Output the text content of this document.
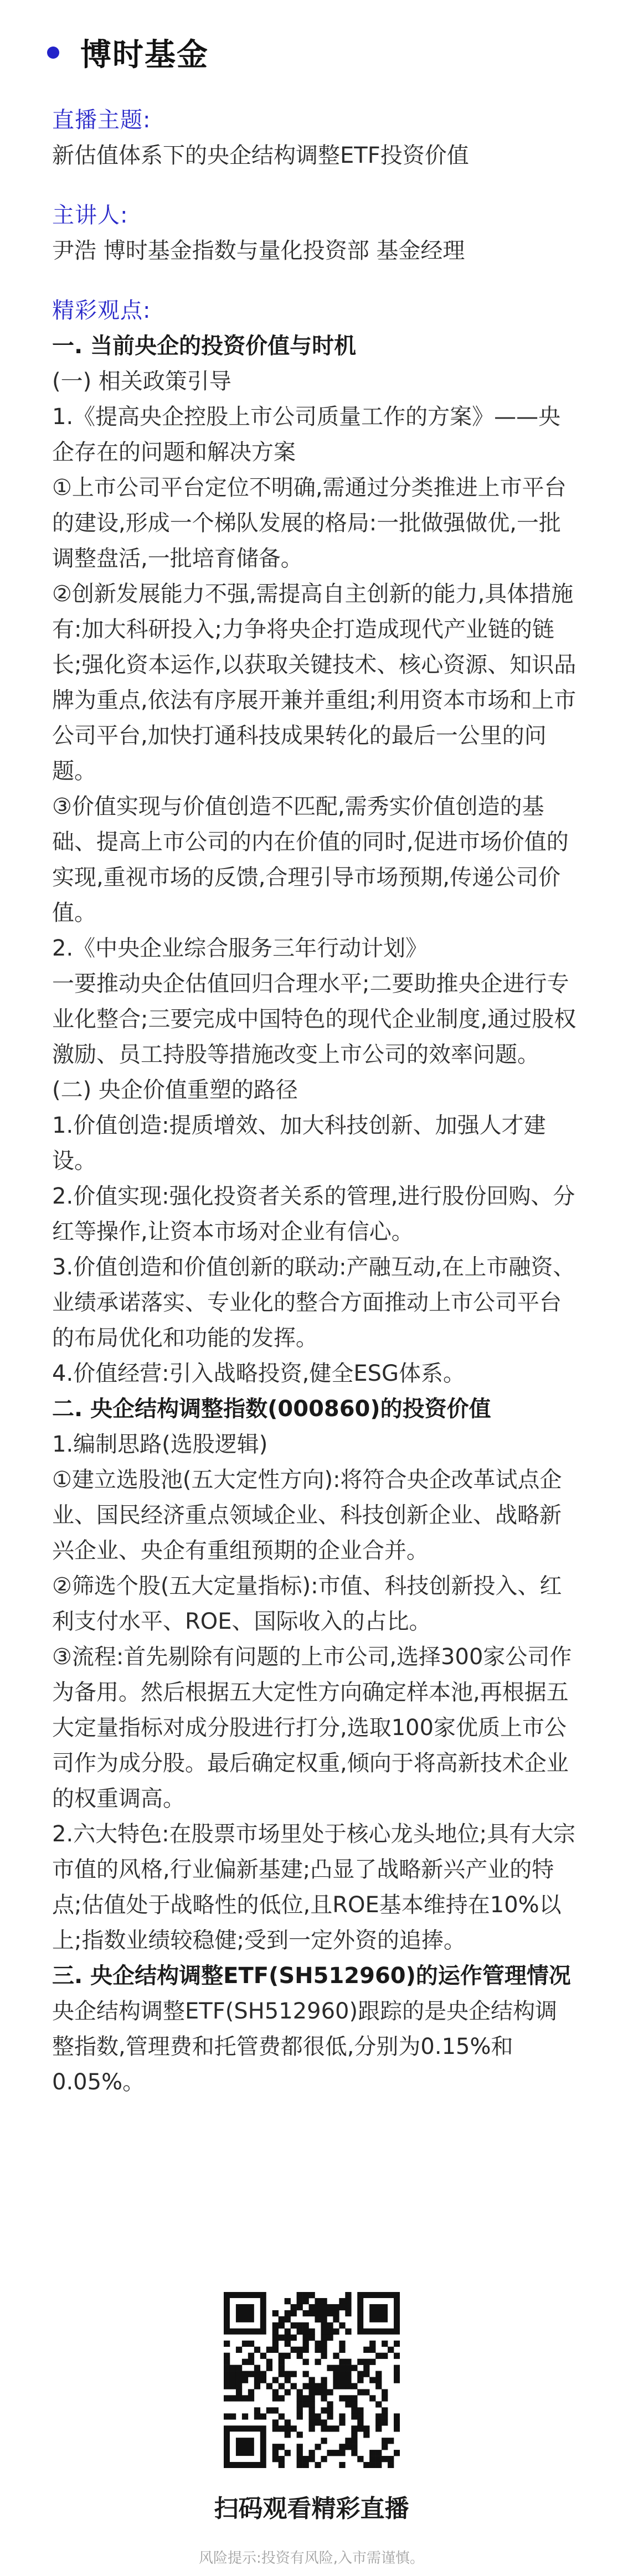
博时基金
直播主题:
新估值体系下的央企结构调整ETF投资价值
主讲人:
尹浩 博时基金指数与量化投资部 基金经理
精彩观点:
一. 当前央企的投资价值与时机
(一) 相关政策引导
1.《提高央企控股上市公司质量工作的方案》——央企存在的问题和解决方案
①上市公司平台定位不明确,需通过分类推进上市平台的建设,形成一个梯队发展的格局:一批做强做优,一批调整盘活,一批培育储备。
②创新发展能力不强,需提高自主创新的能力,具体措施有:加大科研投入;力争将央企打造成现代产业链的链长;强化资本运作,以获取关键技术、核心资源、知识品牌为重点,依法有序展开兼并重组;利用资本市场和上市公司平台,加快打通科技成果转化的最后一公里的问题。
③价值实现与价值创造不匹配,需秀实价值创造的基础、提高上市公司的内在价值的同时,促进市场价值的实现,重视市场的反馈,合理引导市场预期,传递公司价值。
2.《中央企业综合服务三年行动计划》
一要推动央企估值回归合理水平;二要助推央企进行专业化整合;三要完成中国特色的现代企业制度,通过股权激励、员工持股等措施改变上市公司的效率问题。
(二) 央企价值重塑的路径
1.价值创造:提质增效、加大科技创新、加强人才建设。
2.价值实现:强化投资者关系的管理,进行股份回购、分红等操作,让资本市场对企业有信心。
3.价值创造和价值创新的联动:产融互动,在上市融资、业绩承诺落实、专业化的整合方面推动上市公司平台的布局优化和功能的发挥。
4.价值经营:引入战略投资,健全ESG体系。
二. 央企结构调整指数(000860)的投资价值
1.编制思路(选股逻辑)
①建立选股池(五大定性方向):将符合央企改革试点企业、国民经济重点领域企业、科技创新企业、战略新兴企业、央企有重组预期的企业合并。
②筛选个股(五大定量指标):市值、科技创新投入、红利支付水平、ROE、国际收入的占比。
③流程:首先剔除有问题的上市公司,选择300家公司作为备用。然后根据五大定性方向确定样本池,再根据五大定量指标对成分股进行打分,选取100家优质上市公司作为成分股。最后确定权重,倾向于将高新技术企业的权重调高。
2.六大特色:在股票市场里处于核心龙头地位;具有大宗市值的风格,行业偏新基建;凸显了战略新兴产业的特点;估值处于战略性的低位,且ROE基本维持在10%以上;指数业绩较稳健;受到一定外资的追捧。
三. 央企结构调整ETF(SH512960)的运作管理情况
央企结构调整ETF(SH512960)跟踪的是央企结构调整指数,管理费和托管费都很低,分别为0.15%和0.05%。
扫码观看精彩直播
风险提示:投资有风险,入市需谨慎。
